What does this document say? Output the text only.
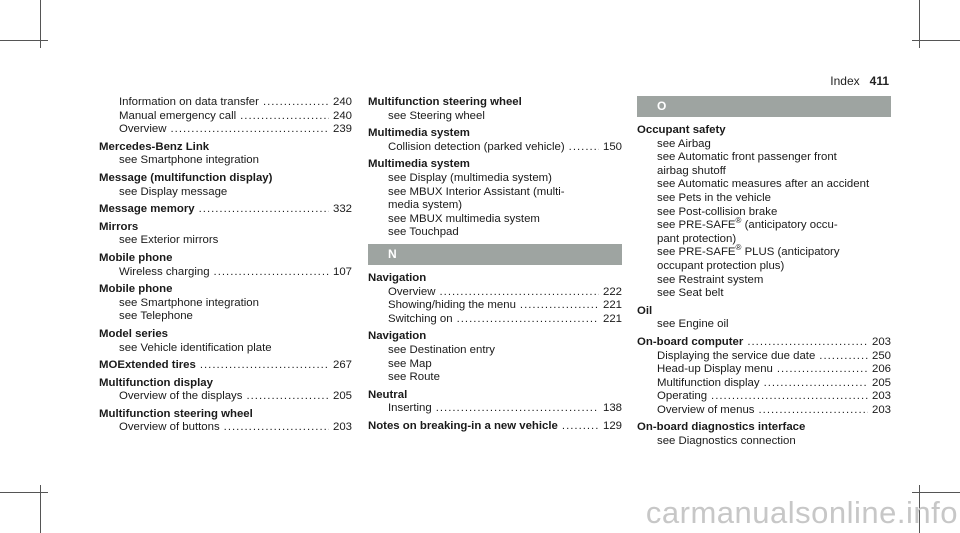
Index 411
Information on data transfer .....	240
Manual emergency call .....	240
Overview .....	239
Mercedes-Benz Link
see Smartphone integration
Message (multifunction display)
see Display message
Message memory .....	332
Mirrors
see Exterior mirrors
Mobile phone
Wireless charging .....	107
Mobile phone
see Smartphone integration
see Telephone
Model series
see Vehicle identification plate
MOExtended tires .....	267
Multifunction display
Overview of the displays .....	205
Multifunction steering wheel
Overview of buttons .....	203
Multifunction steering wheel
see Steering wheel
Multimedia system
Collision detection (parked vehicle) .....	150
Multimedia system
see Display (multimedia system)
see MBUX Interior Assistant (multi-
media system)
see MBUX multimedia system
see Touchpad
N
Navigation
Overview .....	222
Showing/hiding the menu .....	221
Switching on .....	221
Navigation
see Destination entry
see Map
see Route
Neutral
Inserting .....	138
Notes on breaking-in a new vehicle .....	129
O
Occupant safety
see Airbag
see Automatic front passenger front
airbag shutoff
see Automatic measures after an accident
see Pets in the vehicle
see Post-collision brake
see PRE-SAFE® (anticipatory occu-
pant protection)
see PRE-SAFE® PLUS (anticipatory
occupant protection plus)
see Restraint system
see Seat belt
Oil
see Engine oil
On-board computer .....	203
Displaying the service due date .....	250
Head-up Display menu .....	206
Multifunction display .....	205
Operating .....	203
Overview of menus .....	203
On-board diagnostics interface
see Diagnostics connection
carmanualsonline.info
